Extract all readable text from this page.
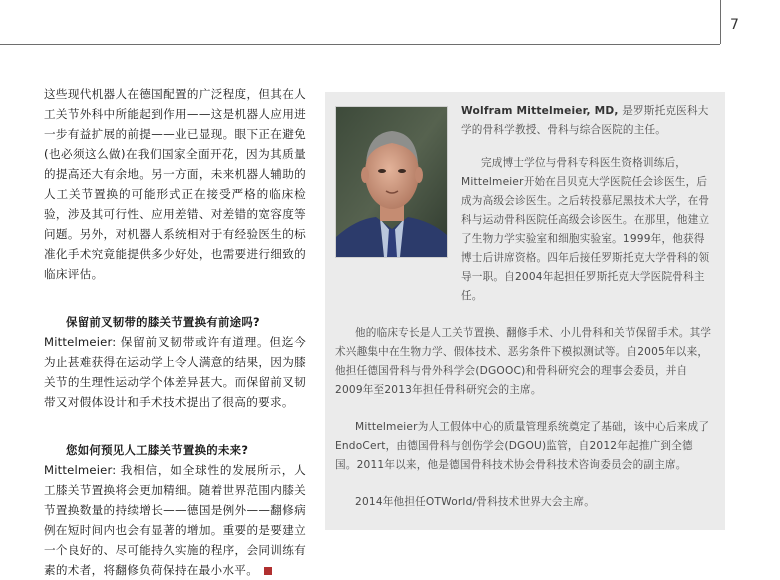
7

这些现代机器人在德国配置的广泛程度，但其在人工关节外科中所能起到作用——这是机器人应用进一步有益扩展的前提——业已显现。眼下正在避免(也必须这么做)在我们国家全面开花，因为其质量的提高还大有余地。另一方面，未来机器人辅助的人工关节置换的可能形式正在接受严格的临床检验，涉及其可行性、应用差错、对差错的宽容度等问题。另外，对机器人系统相对于有经验医生的标准化手术究竟能提供多少好处，也需要进行细致的临床评估。

保留前叉韧带的膝关节置换有前途吗?

Mittelmeier: 保留前叉韧带或许有道理。但迄今为止甚难获得在运动学上令人满意的结果，因为膝关节的生理性运动学个体差异甚大。而保留前叉韧带又对假体设计和手术技术提出了很高的要求。

您如何预见人工膝关节置换的未来?

Mittelmeier: 我相信，如全球性的发展所示，人工膝关节置换将会更加精细。随着世界范围内膝关节置换数量的持续增长——德国是例外——翻修病例在短时间内也会有显著的增加。重要的是要建立一个良好的、尽可能持久实施的程序，会同训练有素的术者，将翻修负荷保持在最小水平。

Wolfram Mittelmeier, MD, 是罗斯托克医科大学的骨科学教授、骨科与综合医院的主任。

完成博士学位与骨科专科医生资格训练后，Mittelmeier开始在吕贝克大学医院任会诊医生，后成为高级会诊医生。之后转投慕尼黑技术大学，在骨科与运动骨科医院任高级会诊医生。在那里，他建立了生物力学实验室和细胞实验室。1999年，他获得博士后讲席资格。四年后接任罗斯托克大学骨科的领导一职。自2004年起担任罗斯托克大学医院骨科主任。

他的临床专长是人工关节置换、翻修手术、小儿骨科和关节保留手术。其学术兴趣集中在生物力学、假体技术、恶劣条件下模拟测试等。自2005年以来，他担任德国骨科与骨外科学会(DGOOC)和骨科研究会的理事会委员，并自2009年至2013年担任骨科研究会的主席。

Mittelmeier为人工假体中心的质量管理系统奠定了基础，该中心后来成了EndoCert，由德国骨科与创伤学会(DGOU)监管，自2012年起推广到全德国。2011年以来，他是德国骨科技术协会骨科技术咨询委员会的副主席。

2014年他担任OTWorld/骨科技术世界大会主席。
